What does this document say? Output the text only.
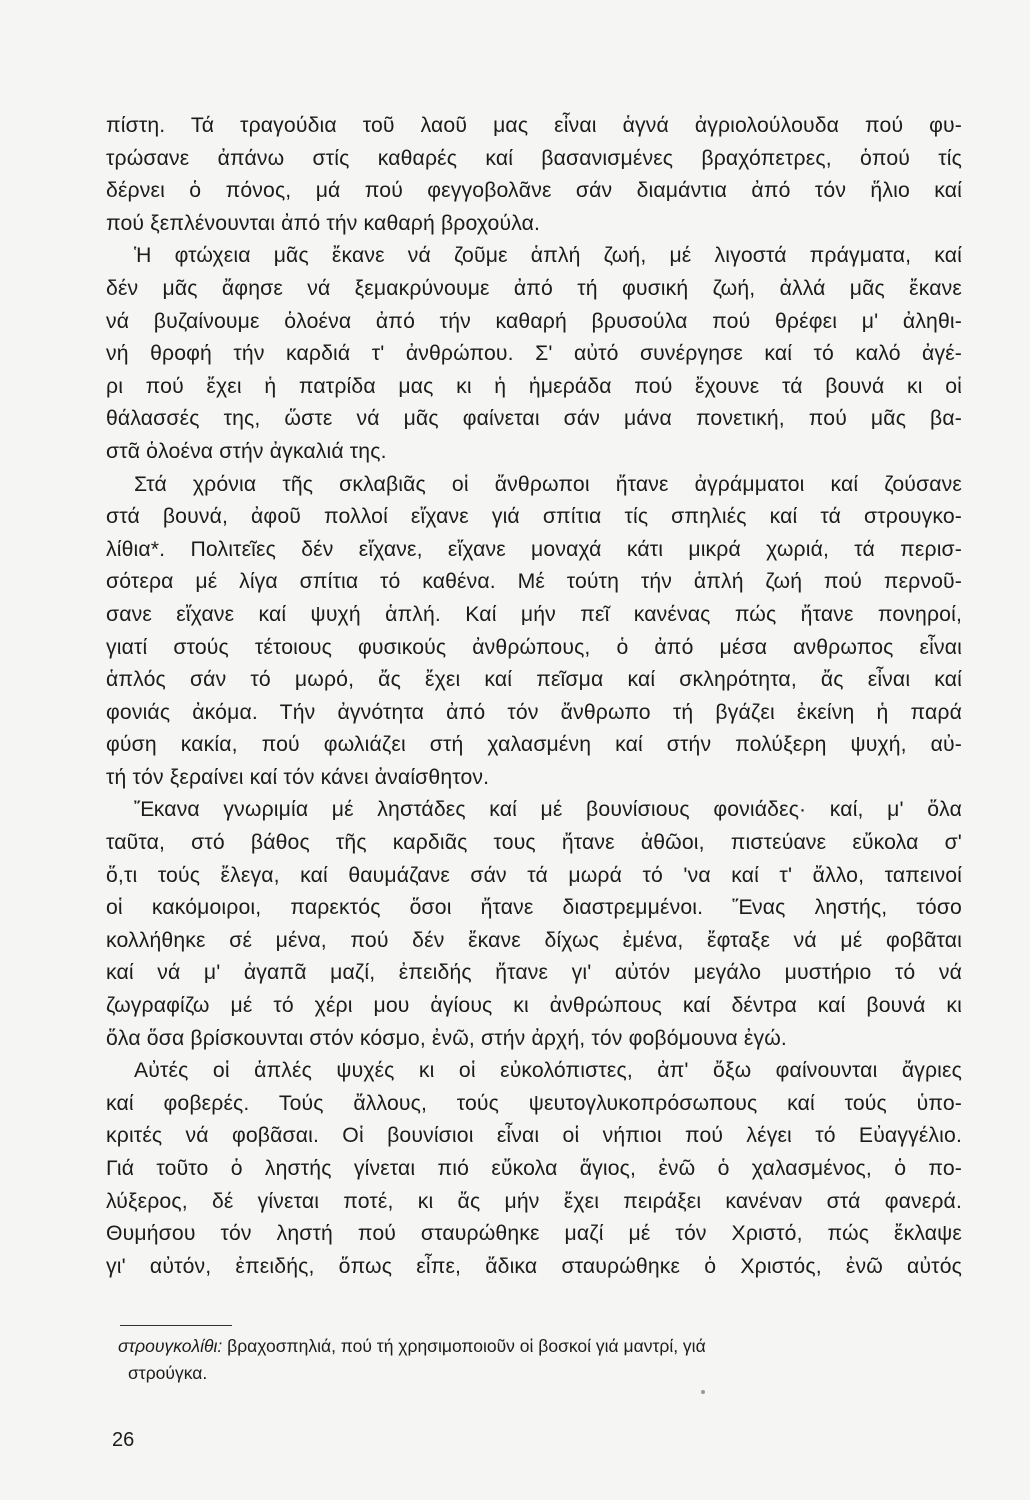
πίστη. Τά τραγούδια τοῦ λαοῦ μας εἶναι ἁγνά ἀγριολούλουδα πού φυ-
τρώσανε ἀπάνω στίς καθαρές καί βασανισμένες βραχόπετρες, ὁπού τίς
δέρνει ὁ πόνος, μά πού φεγγοβολᾶνε σάν διαμάντια ἀπό τόν ἥλιο καί
πού ξεπλένουνται ἀπό τήν καθαρή βροχούλα.
Ἡ φτώχεια μᾶς ἔκανε νά ζοῦμε ἁπλή ζωή, μέ λιγοστά πράγματα, καί
δέν μᾶς ἄφησε νά ξεμακρύνουμε ἀπό τή φυσική ζωή, ἀλλά μᾶς ἔκανε
νά βυζαίνουμε ὁλοένα ἀπό τήν καθαρή βρυσούλα πού θρέφει μ' ἀληθι-
νή θροφή τήν καρδιά τ' ἀνθρώπου. Σ' αὐτό συνέργησε καί τό καλό ἀγέ-
ρι πού ἔχει ἡ πατρίδα μας κι ἡ ἡμεράδα πού ἔχουνε τά βουνά κι οἱ
θάλασσές της, ὥστε νά μᾶς φαίνεται σάν μάνα πονετική, πού μᾶς βα-
στᾶ ὁλοένα στήν ἀγκαλιά της.
Στά χρόνια τῆς σκλαβιᾶς οἱ ἄνθρωποι ἤτανε ἀγράμματοι καί ζούσανε
στά βουνά, ἀφοῦ πολλοί εἴχανε γιά σπίτια τίς σπηλιές καί τά στρουγκο-
λίθια*. Πολιτεῖες δέν εἴχανε, εἴχανε μοναχά κάτι μικρά χωριά, τά περισ-
σότερα μέ λίγα σπίτια τό καθένα. Μέ τούτη τήν ἁπλή ζωή πού περνοῦ-
σανε εἴχανε καί ψυχή ἁπλή. Καί μήν πεῖ κανένας πώς ἤτανε πονηροί,
γιατί στούς τέτοιους φυσικούς ἀνθρώπους, ὁ ἀπό μέσα ανθρωπος εἶναι
ἁπλός σάν τό μωρό, ἄς ἔχει καί πεῖσμα καί σκληρότητα, ἄς εἶναι καί
φονιάς ἀκόμα. Τήν ἀγνότητα ἀπό τόν ἄνθρωπο τή βγάζει ἐκείνη ἡ παρά
φύση κακία, πού φωλιάζει στή χαλασμένη καί στήν πολύξερη ψυχή, αὐ-
τή τόν ξεραίνει καί τόν κάνει ἀναίσθητον.
Ἔκανα γνωριμία μέ ληστάδες καί μέ βουνίσιους φονιάδες· καί, μ' ὅλα
ταῦτα, στό βάθος τῆς καρδιᾶς τους ἤτανε ἀθῶοι, πιστεύανε εὔκολα σ'
ὅ,τι τούς ἔλεγα, καί θαυμάζανε σάν τά μωρά τό 'να καί τ' ἄλλο, ταπεινοί
οἱ κακόμοιροι, παρεκτός ὅσοι ἤτανε διαστρεμμένοι. Ἕνας ληστής, τόσο
κολλήθηκε σέ μένα, πού δέν ἔκανε δίχως ἐμένα, ἔφταξε νά μέ φοβᾶται
καί νά μ' ἀγαπᾶ μαζί, ἐπειδής ἤτανε γι' αὐτόν μεγάλο μυστήριο τό νά
ζωγραφίζω μέ τό χέρι μου ἁγίους κι ἀνθρώπους καί δέντρα καί βουνά κι
ὅλα ὅσα βρίσκουνται στόν κόσμο, ἐνῶ, στήν ἀρχή, τόν φοβόμουνα ἐγώ.
Αὐτές οἱ ἁπλές ψυχές κι οἱ εὐκολόπιστες, ἀπ' ὄξω φαίνουνται ἄγριες
καί φοβερές. Τούς ἄλλους, τούς ψευτογλυκοπρόσωπους καί τούς ὑπο-
κριτές νά φοβᾶσαι. Οἱ βουνίσιοι εἶναι οἱ νήπιοι πού λέγει τό Εὐαγγέλιο.
Γιά τοῦτο ὁ ληστής γίνεται πιό εὔκολα ἅγιος, ἐνῶ ὁ χαλασμένος, ὁ πο-
λύξερος, δέ γίνεται ποτέ, κι ἄς μήν ἔχει πειράξει κανέναν στά φανερά.
Θυμήσου τόν ληστή πού σταυρώθηκε μαζί μέ τόν Χριστό, πώς ἔκλαψε
γι' αὐτόν, ἐπειδής, ὅπως εἶπε, ἄδικα σταυρώθηκε ὁ Χριστός, ἐνῶ αὐτός
στρουγκολίθι: βραχοσπηλιά, πού τή χρησιμοποιοῦν οἱ βοσκοί γιά μαντρί, γιά
στρούγκα.
26
